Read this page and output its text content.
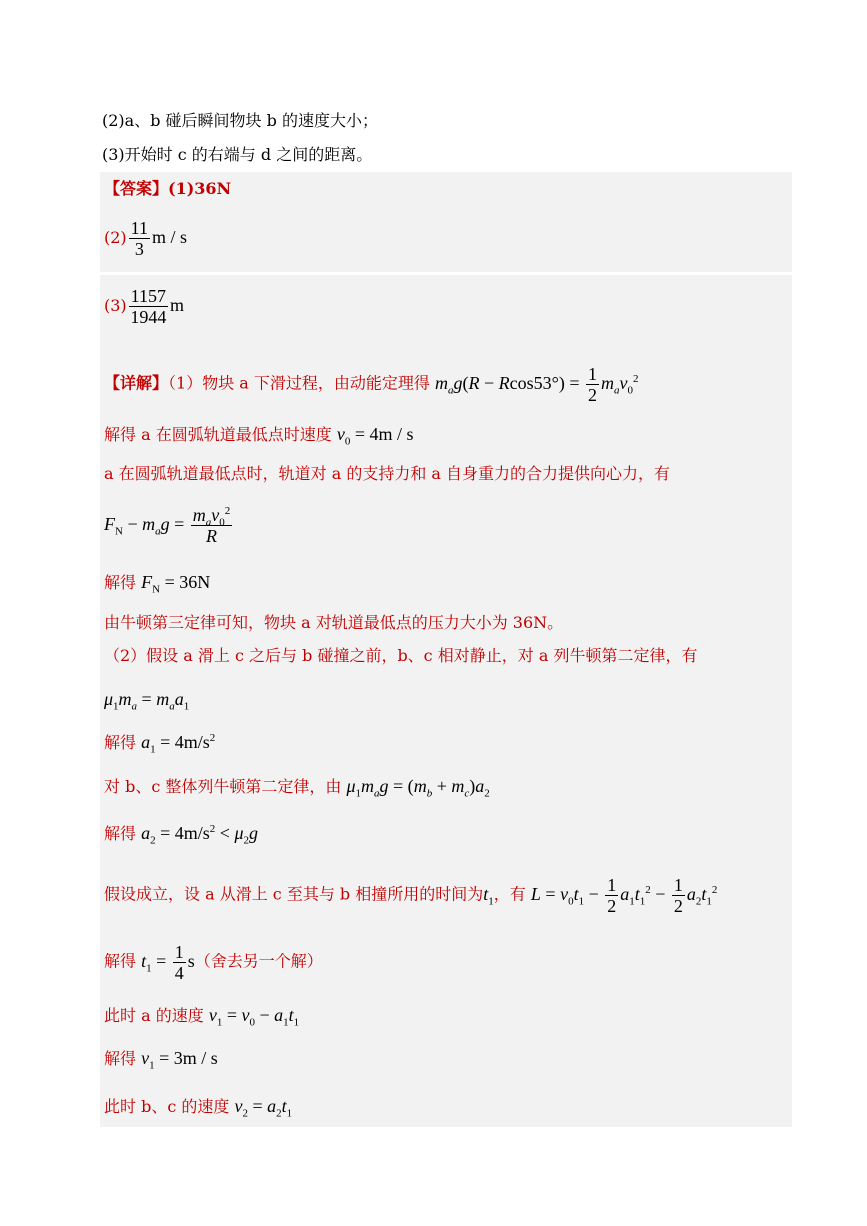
(2)a、b 碰后瞬间物块 b 的速度大小；
(3)开始时 c 的右端与 d 之间的距离。
【答案】(1)36N
$(2) \frac{11}{3}$ m / s
$(3) \frac{1157}{1944}$ m
【详解】（1）物块 a 下滑过程，由动能定理得 $m_ag(R - Rcos53^\circ) = \frac{1}{2} m_av_0^2$
解得 a 在圆弧轨道最低点时速度 $v_0 = 4m / s$
a 在圆弧轨道最低点时，轨道对 a 的支持力和 a 自身重力的合力提供向心力，有
$F_N - m_ag = \frac{m_av_0^2}{R}$
解得 $F_N = 36N$
由牛顿第三定律可知，物块 a 对轨道最低点的压力大小为 36N。
（2）假设 a 滑上 c 之后与 b 碰撞之前，b、c 相对静止，对 a 列牛顿第二定律，有
$\mu_1m_a = m_aa_1$
解得 $a_1 = 4m/s^2$
对 b、c 整体列牛顿第二定律，由 $\mu_1m_ag = (m_b + m_c)a_2$
解得 $a_2 = 4m/s^2 < \mu_2g$
假设成立，设 a 从滑上 c 至其与 b 相撞所用的时间为$t_1$，有 $L = v_0t_1 - \frac{1}{2} a_1t_1^2 - \frac{1}{2} a_2t_1^2$
解得 $t_1 = \frac{1}{4} s$（舍去另一个解）
此时 a 的速度 $v_1 = v_0 - a_1t_1$
解得 $v_1 = 3m / s$
此时 b、c 的速度 $v_2 = a_2t_1$
